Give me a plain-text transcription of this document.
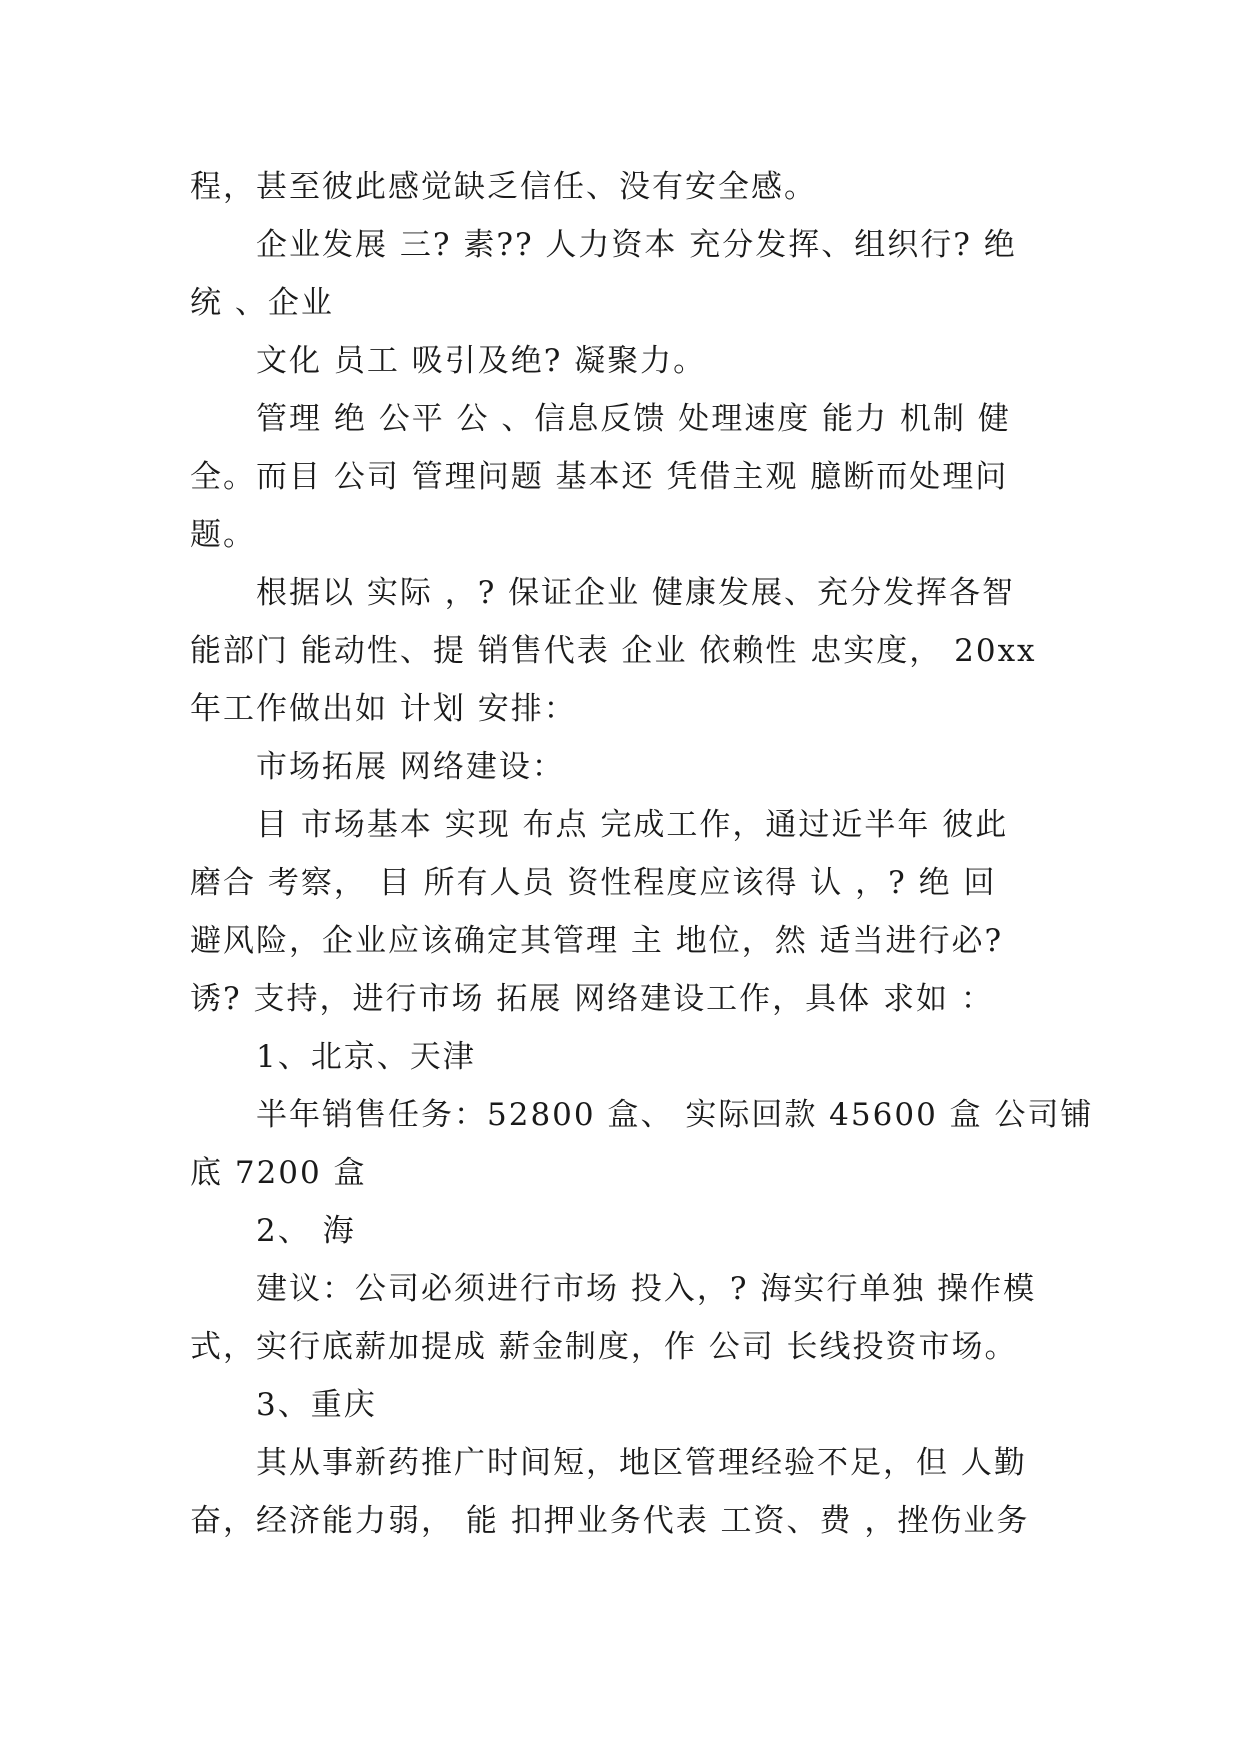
程，甚至彼此感觉缺乏信任、没有安全感。
企业发展 三? 素?? 人力资本 充分发挥、组织行? 绝
统 、企业
文化 员工 吸引及绝? 凝聚力。
管理 绝 公平 公 、信息反馈 处理速度 能力 机制 健
全。而目 公司 管理问题 基本还 凭借主观 臆断而处理问
题。
根据以 实际 ，? 保证企业 健康发展、充分发挥各智
能部门 能动性、提 销售代表 企业 依赖性 忠实度， 20xx
年工作做出如 计划 安排：
市场拓展 网络建设：
目 市场基本 实现 布点 完成工作，通过近半年 彼此
磨合 考察， 目 所有人员 资性程度应该得 认 ，? 绝 回
避风险，企业应该确定其管理 主 地位，然 适当进行必?
诱? 支持，进行市场 拓展 网络建设工作，具体 求如 ：
1、北京、天津
半年销售任务：52800 盒、 实际回款 45600 盒 公司铺
底 7200 盒
2、 海
建议：公司必须进行市场 投入，? 海实行单独 操作模
式，实行底薪加提成 薪金制度，作 公司 长线投资市场。
3、重庆
其从事新药推广时间短，地区管理经验不足，但 人勤
奋，经济能力弱， 能 扣押业务代表 工资、费 ，挫伤业务
